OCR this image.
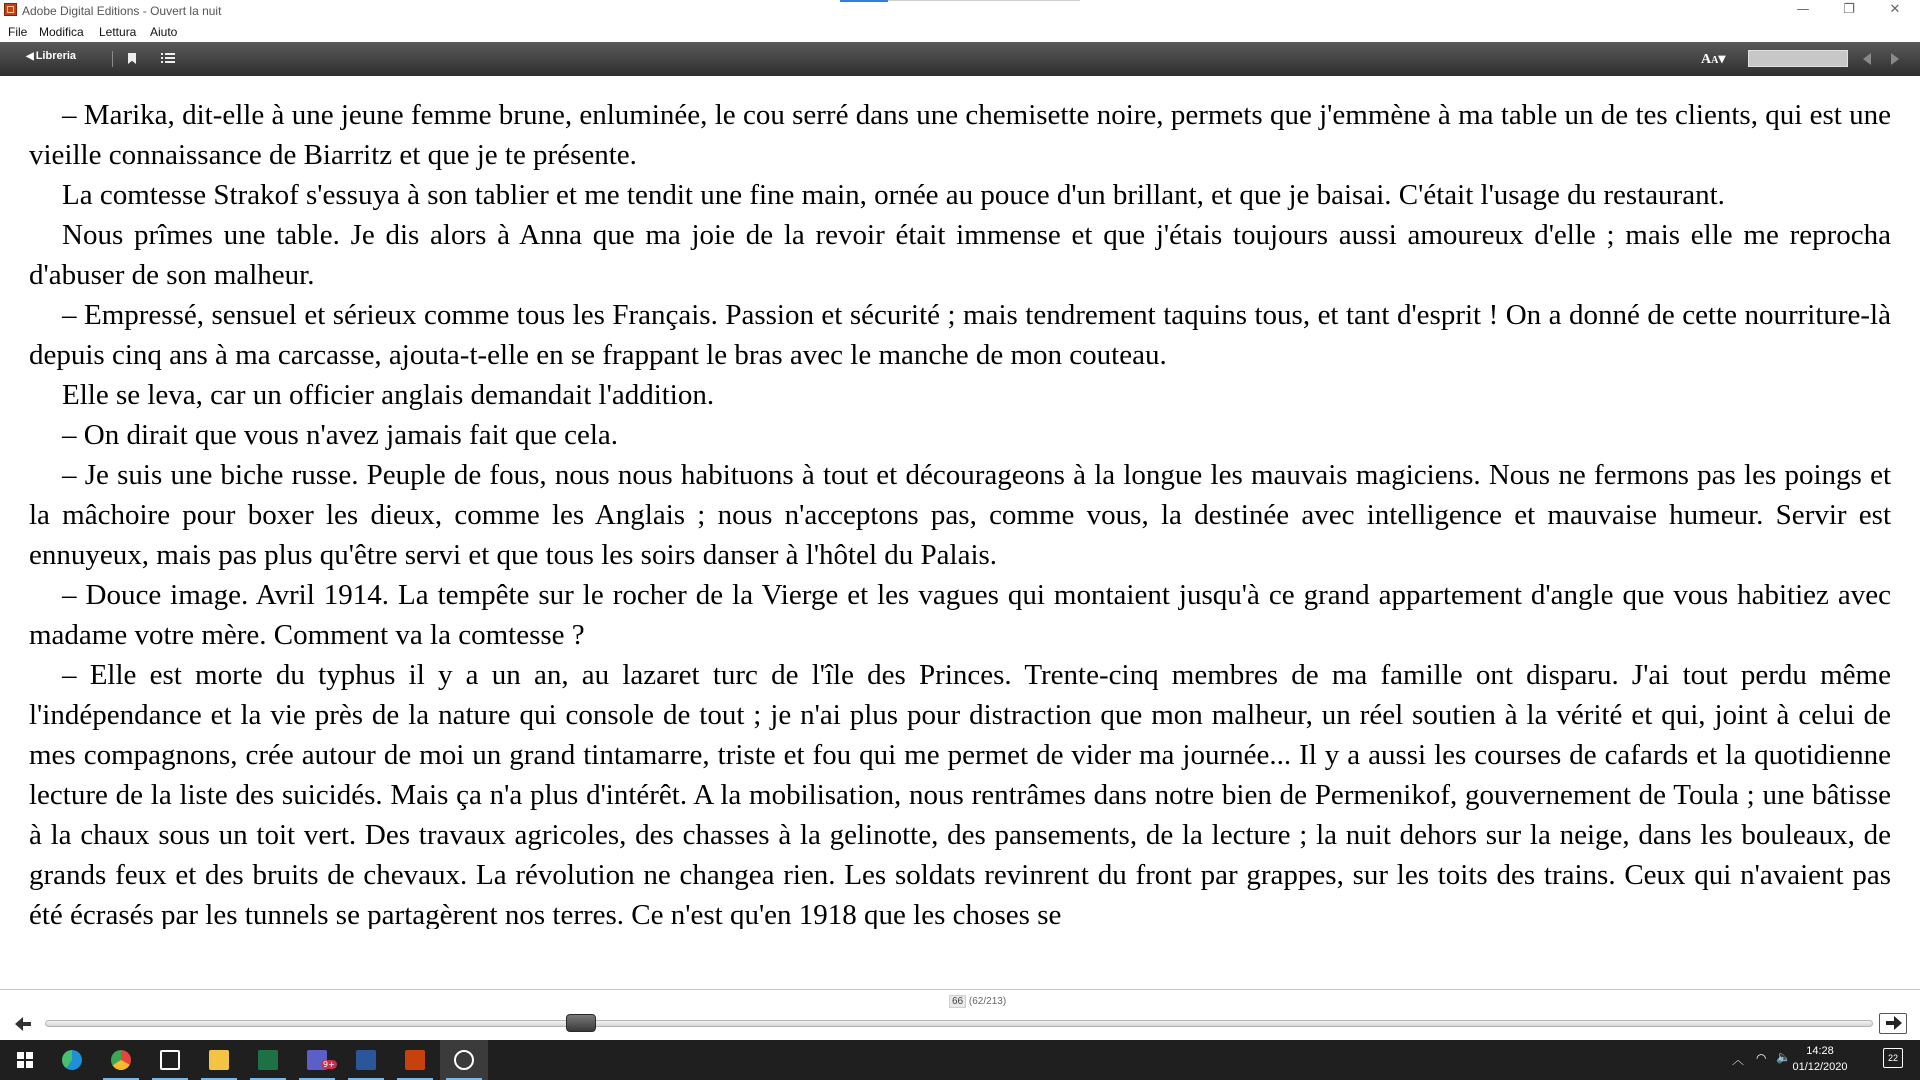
Adobe Digital Editions - Ouvert la nuit	—	❐	✕
File Modifica Lettura Aiuto
◀ Libreria	AA▾

– Marika, dit-elle à une jeune femme brune, enluminée, le cou serré dans une chemisette noire, permets que j'emmène à ma table un de tes clients, qui est une vieille connaissance de Biarritz et que je te présente.

La comtesse Strakof s'essuya à son tablier et me tendit une fine main, ornée au pouce d'un brillant, et que je baisai. C'était l'usage du restaurant.

Nous prîmes une table. Je dis alors à Anna que ma joie de la revoir était immense et que j'étais toujours aussi amoureux d'elle ; mais elle me reprocha d'abuser de son malheur.

– Empressé, sensuel et sérieux comme tous les Français. Passion et sécurité ; mais tendrement taquins tous, et tant d'esprit ! On a donné de cette nourriture-là depuis cinq ans à ma carcasse, ajouta-t-elle en se frappant le bras avec le manche de mon couteau.

Elle se leva, car un officier anglais demandait l'addition.

– On dirait que vous n'avez jamais fait que cela.

– Je suis une biche russe. Peuple de fous, nous nous habituons à tout et décourageons à la longue les mauvais magiciens. Nous ne fermons pas les poings et la mâchoire pour boxer les dieux, comme les Anglais ; nous n'acceptons pas, comme vous, la destinée avec intelligence et mauvaise humeur. Servir est ennuyeux, mais pas plus qu'être servi et que tous les soirs danser à l'hôtel du Palais.

– Douce image. Avril 1914. La tempête sur le rocher de la Vierge et les vagues qui montaient jusqu'à ce grand appartement d'angle que vous habitiez avec madame votre mère. Comment va la comtesse ?

– Elle est morte du typhus il y a un an, au lazaret turc de l'île des Princes. Trente-cinq membres de ma famille ont disparu. J'ai tout perdu même l'indépendance et la vie près de la nature qui console de tout ; je n'ai plus pour distraction que mon malheur, un réel soutien à la vérité et qui, joint à celui de mes compagnons, crée autour de moi un grand tintamarre, triste et fou qui me permet de vider ma journée... Il y a aussi les courses de cafards et la quotidienne lecture de la liste des suicidés. Mais ça n'a plus d'intérêt. A la mobilisation, nous rentrâmes dans notre bien de Permenikof, gouvernement de Toula ; une bâtisse à la chaux sous un toit vert. Des travaux agricoles, des chasses à la gelinotte, des pansements, de la lecture ; la nuit dehors sur la neige, dans les bouleaux, de grands feux et des bruits de chevaux. La révolution ne changea rien. Les soldats revinrent du front par grappes, sur les toits des trains. Ceux qui n'avaient pas été écrasés par les tunnels se partagèrent nos terres. Ce n'est qu'en 1918 que les choses se

66 (62/213)
9+	︿ ◠ 🔈	14:28
01/12/2020
22
